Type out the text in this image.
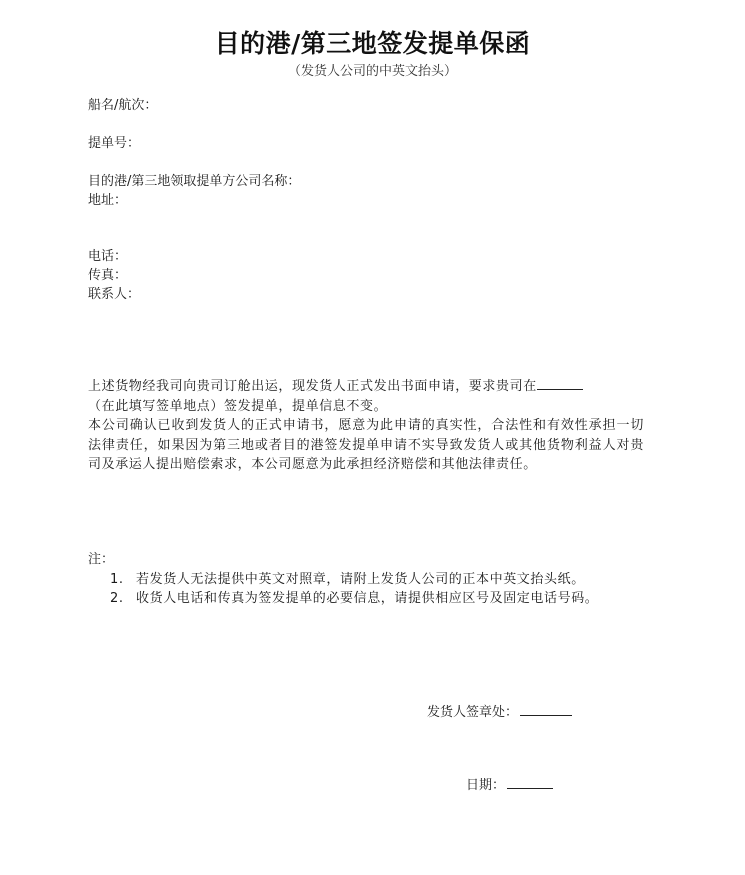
目的港/第三地签发提单保函
（发货人公司的中英文抬头）
船名/航次：
提单号：
目的港/第三地领取提单方公司名称：
地址：
电话：
传真：
联系人：

上述货物经我司向贵司订舱出运，现发货人正式发出书面申请，要求贵司在

（在此填写签单地点）签发提单，提单信息不变。

本公司确认已收到发货人的正式申请书，愿意为此申请的真实性，合法性和有效性承担一切法律责任，如果因为第三地或者目的港签发提单申请不实导致发货人或其他货物利益人对贵司及承运人提出赔偿索求，本公司愿意为此承担经济赔偿和其他法律责任。

注：
1. 若发货人无法提供中英文对照章，请附上发货人公司的正本中英文抬头纸。
2. 收货人电话和传真为签发提单的必要信息，请提供相应区号及固定电话号码。
发货人签章处：
日期：
